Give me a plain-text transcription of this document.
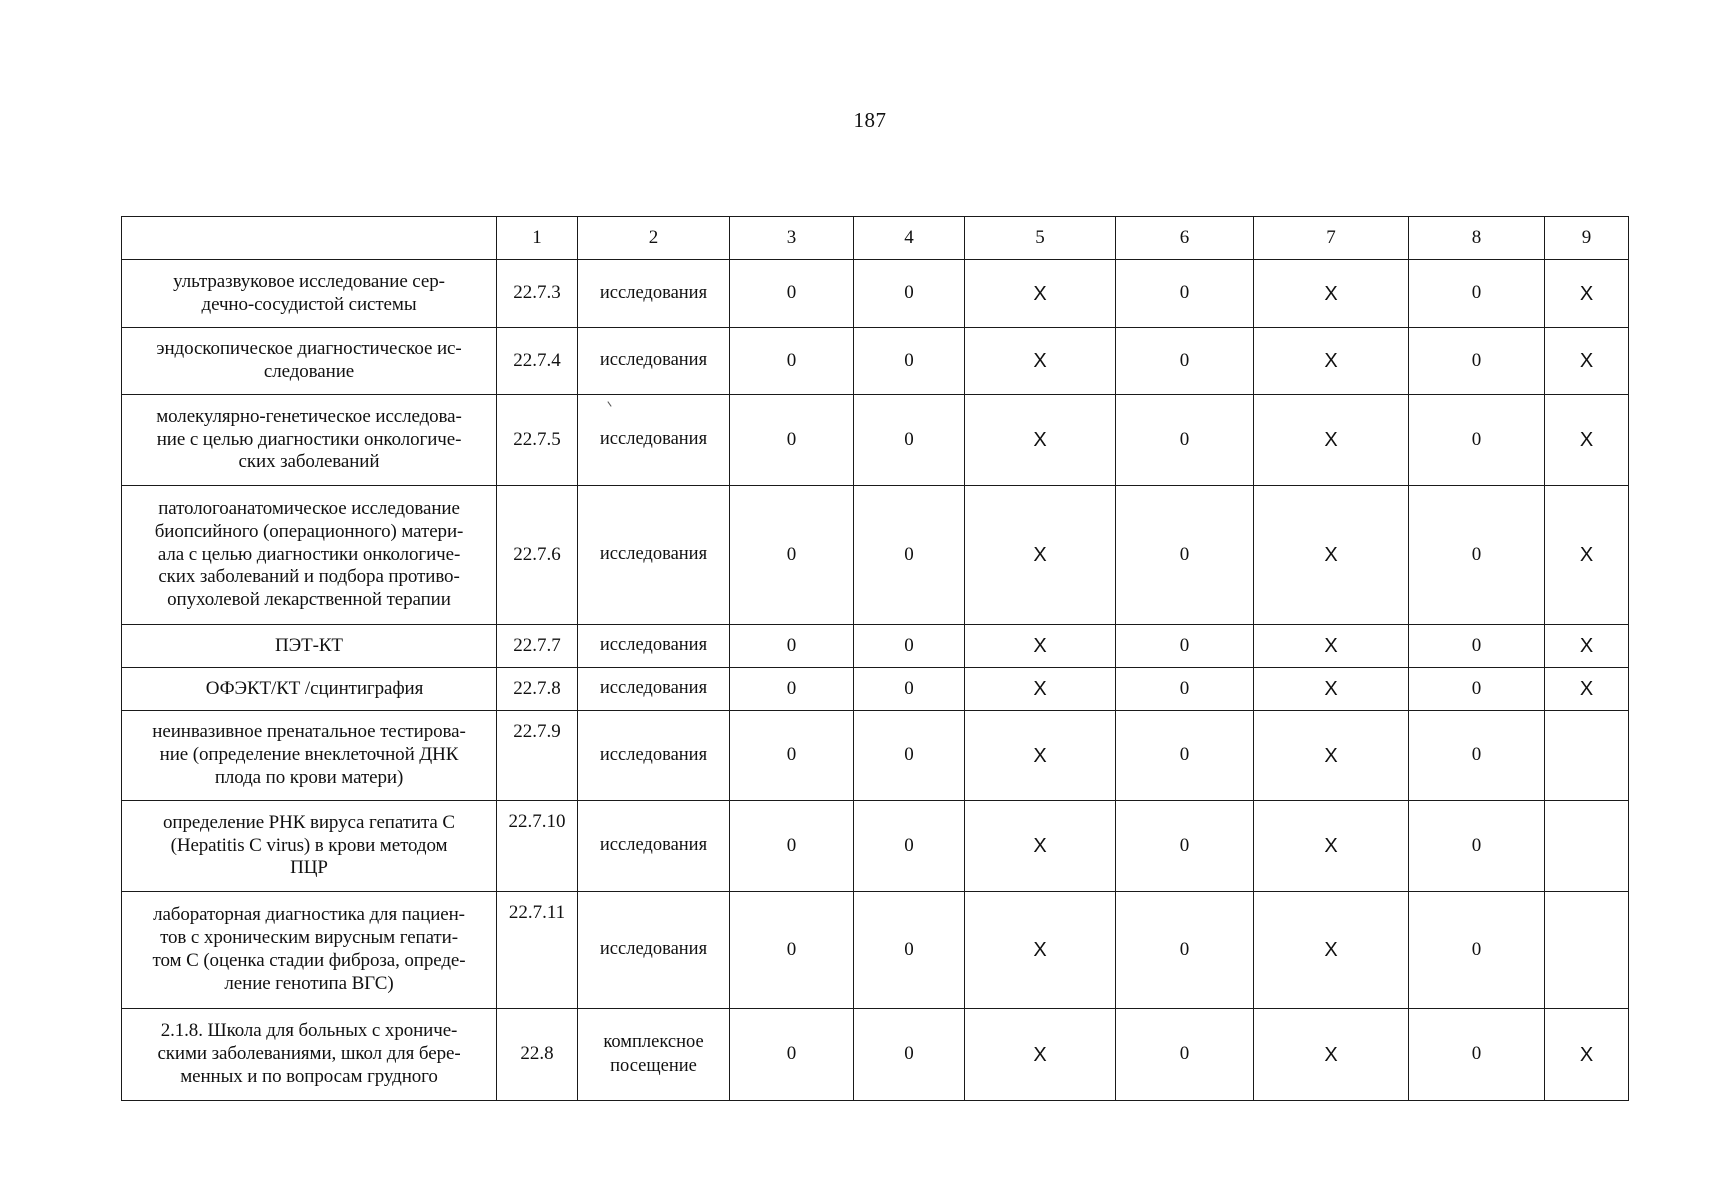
187
	1	2	3	4	5	6	7	8	9
ультразвуковое исследование сер-
дечно-сосудистой системы	22.7.3	исследования	0	0	X	0	X	0	X
эндоскопическое диагностическое ис-
следование	22.7.4	исследования	0	0	X	0	X	0	X
молекулярно-генетическое исследова-
ние с целью диагностики онкологиче-
ских заболеваний	22.7.5	исследования	0	0	X	0	X	0	X
патологоанатомическое исследование
биопсийного (операционного) матери-
ала с целью диагностики онкологиче-
ских заболеваний и подбора противо-
опухолевой лекарственной терапии	22.7.6	исследования	0	0	X	0	X	0	X
ПЭТ-КТ	22.7.7	исследования	0	0	X	0	X	0	X
ОФЭКТ/КТ /сцинтиграфия	22.7.8	исследования	0	0	X	0	X	0	X
неинвазивное пренатальное тестирова-
ние (определение внеклеточной ДНК
плода по крови матери)	22.7.9	исследования	0	0	X	0	X	0	
определение РНК вируса гепатита С
(Hepatitis C virus) в крови методом
ПЦР	22.7.10	исследования	0	0	X	0	X	0	
лабораторная диагностика для пациен-
тов с хроническим вирусным гепати-
том С (оценка стадии фиброза, опреде-
ление генотипа ВГС)	22.7.11	исследования	0	0	X	0	X	0	
2.1.8. Школа для больных с хрониче-
скими заболеваниями, школ для бере-
менных и по вопросам грудного	22.8	комплексное
посещение	0	0	X	0	X	0	X
